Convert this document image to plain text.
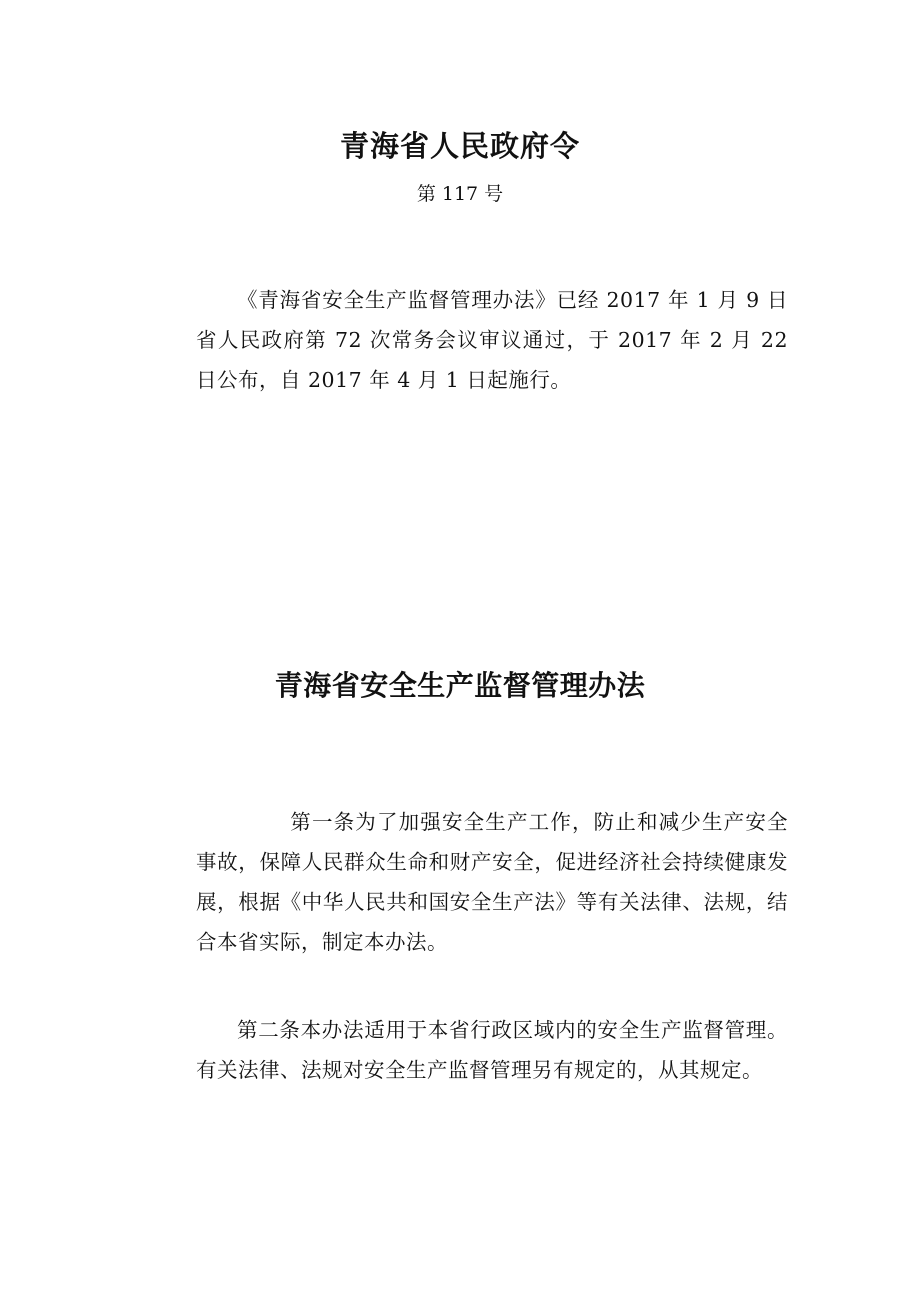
青海省人民政府令
第 117 号

《青海省安全生产监督管理办法》已经 2017 年 1 月 9 日省人民政府第 72 次常务会议审议通过，于 2017 年 2 月 22 日公布，自 2017 年 4 月 1 日起施行。

青海省安全生产监督管理办法

第一条为了加强安全生产工作，防止和减少生产安全事故，保障人民群众生命和财产安全，促进经济社会持续健康发展，根据《中华人民共和国安全生产法》等有关法律、法规，结合本省实际，制定本办法。

第二条本办法适用于本省行政区域内的安全生产监督管理。有关法律、法规对安全生产监督管理另有规定的，从其规定。
